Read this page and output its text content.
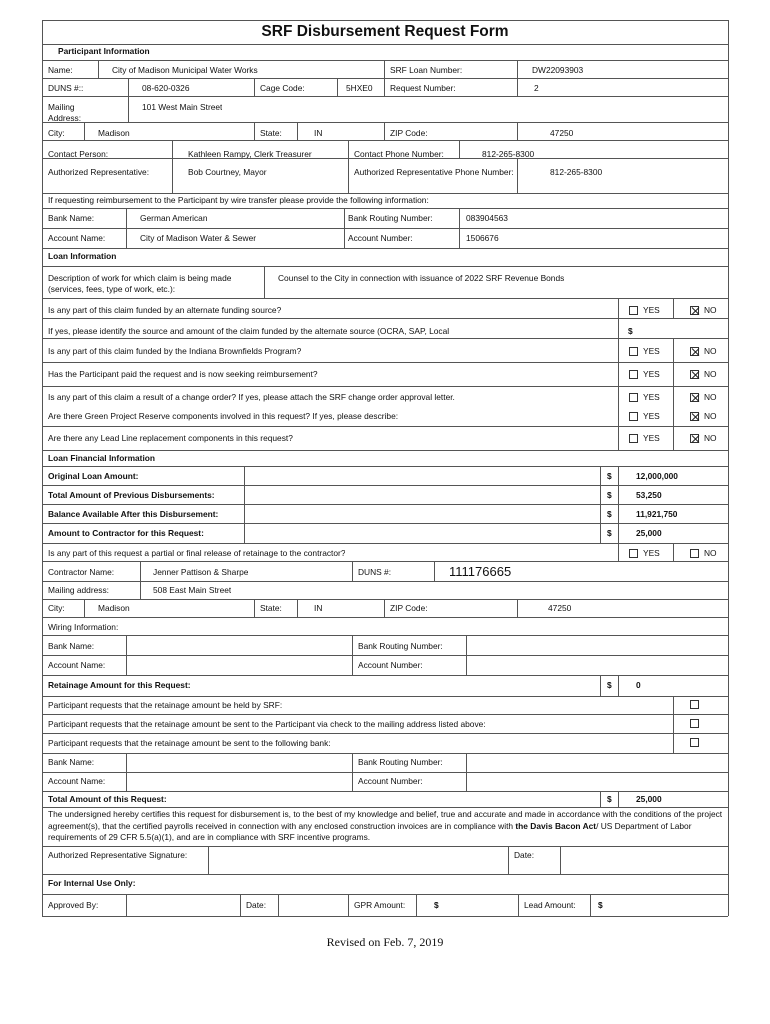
SRF Disbursement Request Form
Participant Information
Name:	City of Madison Municipal Water Works	SRF Loan Number:	DW22093903
DUNS #::	08-620-0326	Cage Code:	5HXE0 Request Number:	2
Mailing Address:
101 West Main Street
City:	Madison	State:	IN	ZIP Code:	47250
Contact Person:	Kathleen Rampy, Clerk Treasurer	Contact Phone Number:	812-265-8300
Authorized Representative:	Bob Courtney, Mayor	Authorized Representative Phone Number:	812-265-8300
If requesting reimbursement to the Participant by wire transfer please provide the following information:
Bank Name:	German American	Bank Routing Number:	083904563
Account Name:	City of Madison Water & Sewer	Account Number:	1506676
Loan Information
Description of work for which claim is being made (services, fees, type of work, etc.):
Counsel to the City in connection with issuance of 2022 SRF Revenue Bonds
Is any part of this claim funded by an alternate funding source?	YES	NO
If yes, please identify the source and amount of the claim funded by the alternate source (OCRA, SAP, Local	$
Is any part of this claim funded by the Indiana Brownfields Program?	YES	NO
Has the Participant paid the request and is now seeking reimbursement?	YES	NO
Is any part of this claim a result of a change order? If yes, please attach the SRF change order approval letter.	YES	NO
Are there Green Project Reserve components involved in this request? If yes, please describe:	YES	NO
Are there any Lead Line replacement components in this request?	YES	NO
Loan Financial Information
Original Loan Amount:	$	12,000,000
Total Amount of Previous Disbursements:	$	53,250
Balance Available After this Disbursement:	$	11,921,750
Amount to Contractor for this Request:	$	25,000
Is any part of this request a partial or final release of retainage to the contractor?	YES	NO
Contractor Name:	Jenner Pattison & Sharpe	DUNS #:	111176665
Mailing address:	508 East Main Street
City:	Madison	State:	IN	ZIP Code:	47250
Wiring Information:
Bank Name:	Bank Routing Number:
Account Name:	Account Number:
Retainage Amount for this Request:	$	0
Participant requests that the retainage amount be held by SRF:
Participant requests that the retainage amount be sent to the Participant via check to the mailing address listed above:
Participant requests that the retainage amount be sent to the following bank:
Bank Name:	Bank Routing Number:
Account Name:	Account Number:
Total Amount of this Request:	$	25,000
The undersigned hereby certifies this request for disbursement is, to the best of my knowledge and belief, true and accurate and made in accordance with the conditions of the project agreement(s), that the certified payrolls received in connection with any enclosed construction invoices are in compliance with the Davis Bacon Act/ US Department of Labor requirements of 29 CFR 5.5(a)(1), and are in compliance with SRF incentive programs.
Authorized Representative Signature:	Date:
For Internal Use Only:
Approved By:	Date:	GPR Amount:	$	Lead Amount:	$
Revised on Feb. 7, 2019
